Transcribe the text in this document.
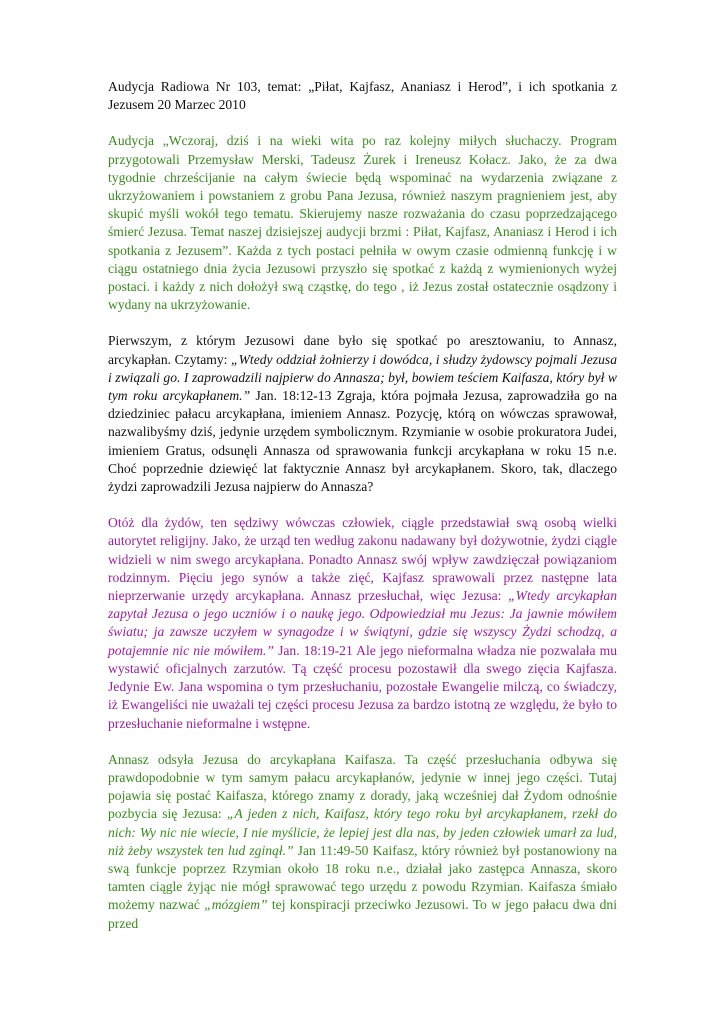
Audycja Radiowa Nr 103, temat: „Piłat, Kajfasz, Ananiasz i Herod”, i ich spotkania z Jezusem 20 Marzec 2010

Audycja „Wczoraj, dziś i na wieki wita po raz kolejny miłych słuchaczy. Program przygotowali Przemysław Merski, Tadeusz Żurek i Ireneusz Kołacz. Jako, że za dwa tygodnie chrześcijanie na całym świecie będą wspominać na wydarzenia związane z ukrzyżowaniem i powstaniem z grobu Pana Jezusa, również naszym pragnieniem jest, aby skupić myśli wokół tego tematu. Skierujemy nasze rozważania do czasu poprzedzającego śmierć Jezusa. Temat naszej dzisiejszej audycji brzmi : Piłat, Kajfasz, Ananiasz i Herod i ich spotkania z Jezusem”. Każda z tych postaci pełniła w owym czasie odmienną funkcję i w ciągu ostatniego dnia życia Jezusowi przyszło się spotkać z każdą z wymienionych wyżej postaci. i każdy z nich dołożył swą cząstkę, do tego , iż Jezus został ostatecznie osądzony i wydany na ukrzyżowanie.

Pierwszym, z którym Jezusowi dane było się spotkać po aresztowaniu, to Annasz, arcykapłan. Czytamy: „Wtedy oddział żołnierzy i dowódca, i słudzy żydowscy pojmali Jezusa i związali go. I zaprowadzili najpierw do Annasza; był, bowiem teściem Kaifasza, który był w tym roku arcykapłanem.” Jan. 18:12-13 Zgraja, która pojmała Jezusa, zaprowadziła go na dziedziniec pałacu arcykapłana, imieniem Annasz. Pozycję, którą on wówczas sprawował, nazwalibyśmy dziś, jedynie urzędem symbolicznym. Rzymianie w osobie prokuratora Judei, imieniem Gratus, odsunęli Annasza od sprawowania funkcji arcykapłana w roku 15 n.e. Choć poprzednie dziewięć lat faktycznie Annasz był arcykapłanem. Skoro, tak, dlaczego żydzi zaprowadzili Jezusa najpierw do Annasza?

Otóż dla żydów, ten sędziwy wówczas człowiek, ciągle przedstawiał swą osobą wielki autorytet religijny. Jako, że urząd ten według zakonu nadawany był dożywotnie, żydzi ciągle widzieli w nim swego arcykapłana. Ponadto Annasz swój wpływ zawdzięczał powiązaniom rodzinnym. Pięciu jego synów a także zięć, Kajfasz sprawowali przez następne lata nieprzerwanie urzędy arcykapłana. Annasz przesłuchał, więc Jezusa: „Wtedy arcykapłan zapytał Jezusa o jego uczniów i o naukę jego. Odpowiedział mu Jezus: Ja jawnie mówiłem światu; ja zawsze uczyłem w synagodze i w świątyni, gdzie się wszyscy Żydzi schodzą, a potajemnie nic nie mówiłem.” Jan. 18:19-21 Ale jego nieformalna władza nie pozwalała mu wystawić oficjalnych zarzutów. Tą część procesu pozostawił dla swego zięcia Kajfasza. Jedynie Ew. Jana wspomina o tym przesłuchaniu, pozostałe Ewangelie milczą, co świadczy, iż Ewangeliści nie uważali tej części procesu Jezusa za bardzo istotną ze względu, że było to przesłuchanie nieformalne i wstępne.

Annasz odsyła Jezusa do arcykapłana Kaifasza. Ta część przesłuchania odbywa się prawdopodobnie w tym samym pałacu arcykapłanów, jedynie w innej jego części. Tutaj pojawia się postać Kaifasza, którego znamy z dorady, jaką wcześniej dał Żydom odnośnie pozbycia się Jezusa: „A jeden z nich, Kaifasz, który tego roku był arcykapłanem, rzekł do nich: Wy nic nie wiecie, I nie myślicie, że lepiej jest dla nas, by jeden człowiek umarł za lud, niż żeby wszystek ten lud zginął.” Jan 11:49-50 Kaifasz, który również był postanowiony na swą funkcje poprzez Rzymian około 18 roku n.e., działał jako zastępca Annasza, skoro tamten ciągle żyjąc nie mógł sprawować tego urzędu z powodu Rzymian. Kaifasza śmiało możemy nazwać „mózgiem” tej konspiracji przeciwko Jezusowi. To w jego pałacu dwa dni przed
